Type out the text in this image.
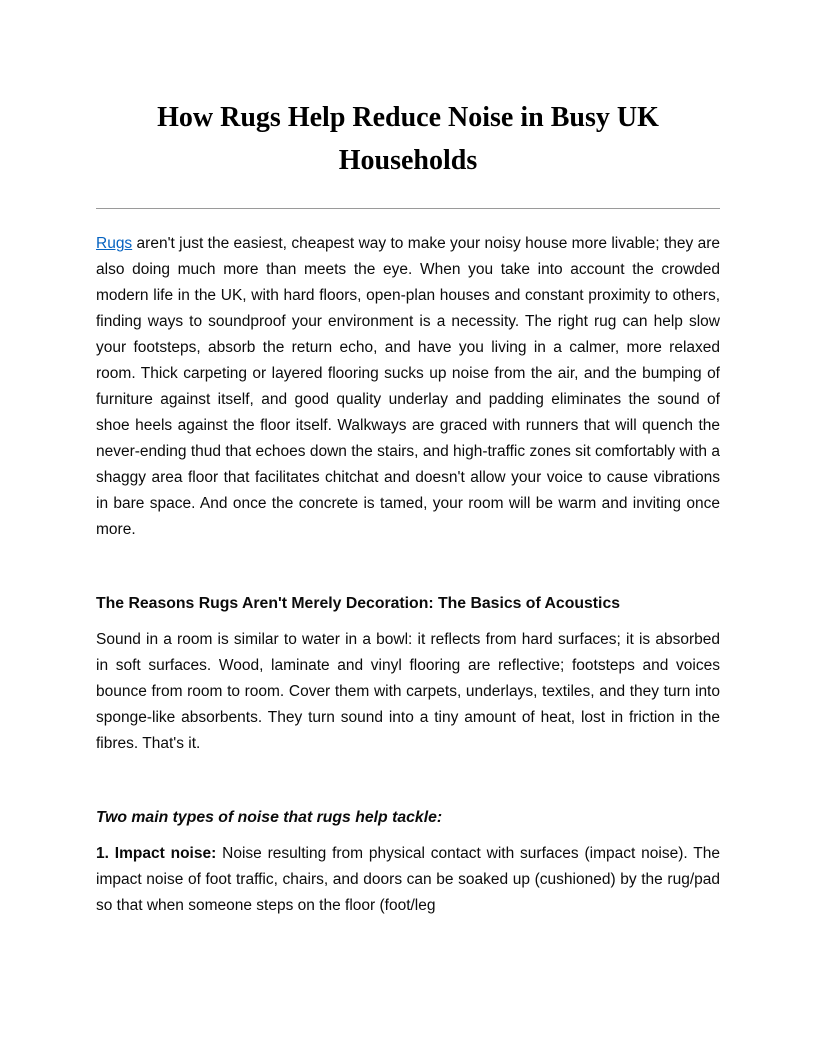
How Rugs Help Reduce Noise in Busy UK Households

Rugs aren't just the easiest, cheapest way to make your noisy house more livable; they are also doing much more than meets the eye. When you take into account the crowded modern life in the UK, with hard floors, open-plan houses and constant proximity to others, finding ways to soundproof your environment is a necessity. The right rug can help slow your footsteps, absorb the return echo, and have you living in a calmer, more relaxed room. Thick carpeting or layered flooring sucks up noise from the air, and the bumping of furniture against itself, and good quality underlay and padding eliminates the sound of shoe heels against the floor itself. Walkways are graced with runners that will quench the never-ending thud that echoes down the stairs, and high-traffic zones sit comfortably with a shaggy area floor that facilitates chitchat and doesn't allow your voice to cause vibrations in bare space. And once the concrete is tamed, your room will be warm and inviting once more.

The Reasons Rugs Aren't Merely Decoration: The Basics of Acoustics

Sound in a room is similar to water in a bowl: it reflects from hard surfaces; it is absorbed in soft surfaces. Wood, laminate and vinyl flooring are reflective; footsteps and voices bounce from room to room. Cover them with carpets, underlays, textiles, and they turn into sponge-like absorbents. They turn sound into a tiny amount of heat, lost in friction in the fibres. That's it.

Two main types of noise that rugs help tackle:

1. Impact noise: Noise resulting from physical contact with surfaces (impact noise). The impact noise of foot traffic, chairs, and doors can be soaked up (cushioned) by the rug/pad so that when someone steps on the floor (foot/leg
